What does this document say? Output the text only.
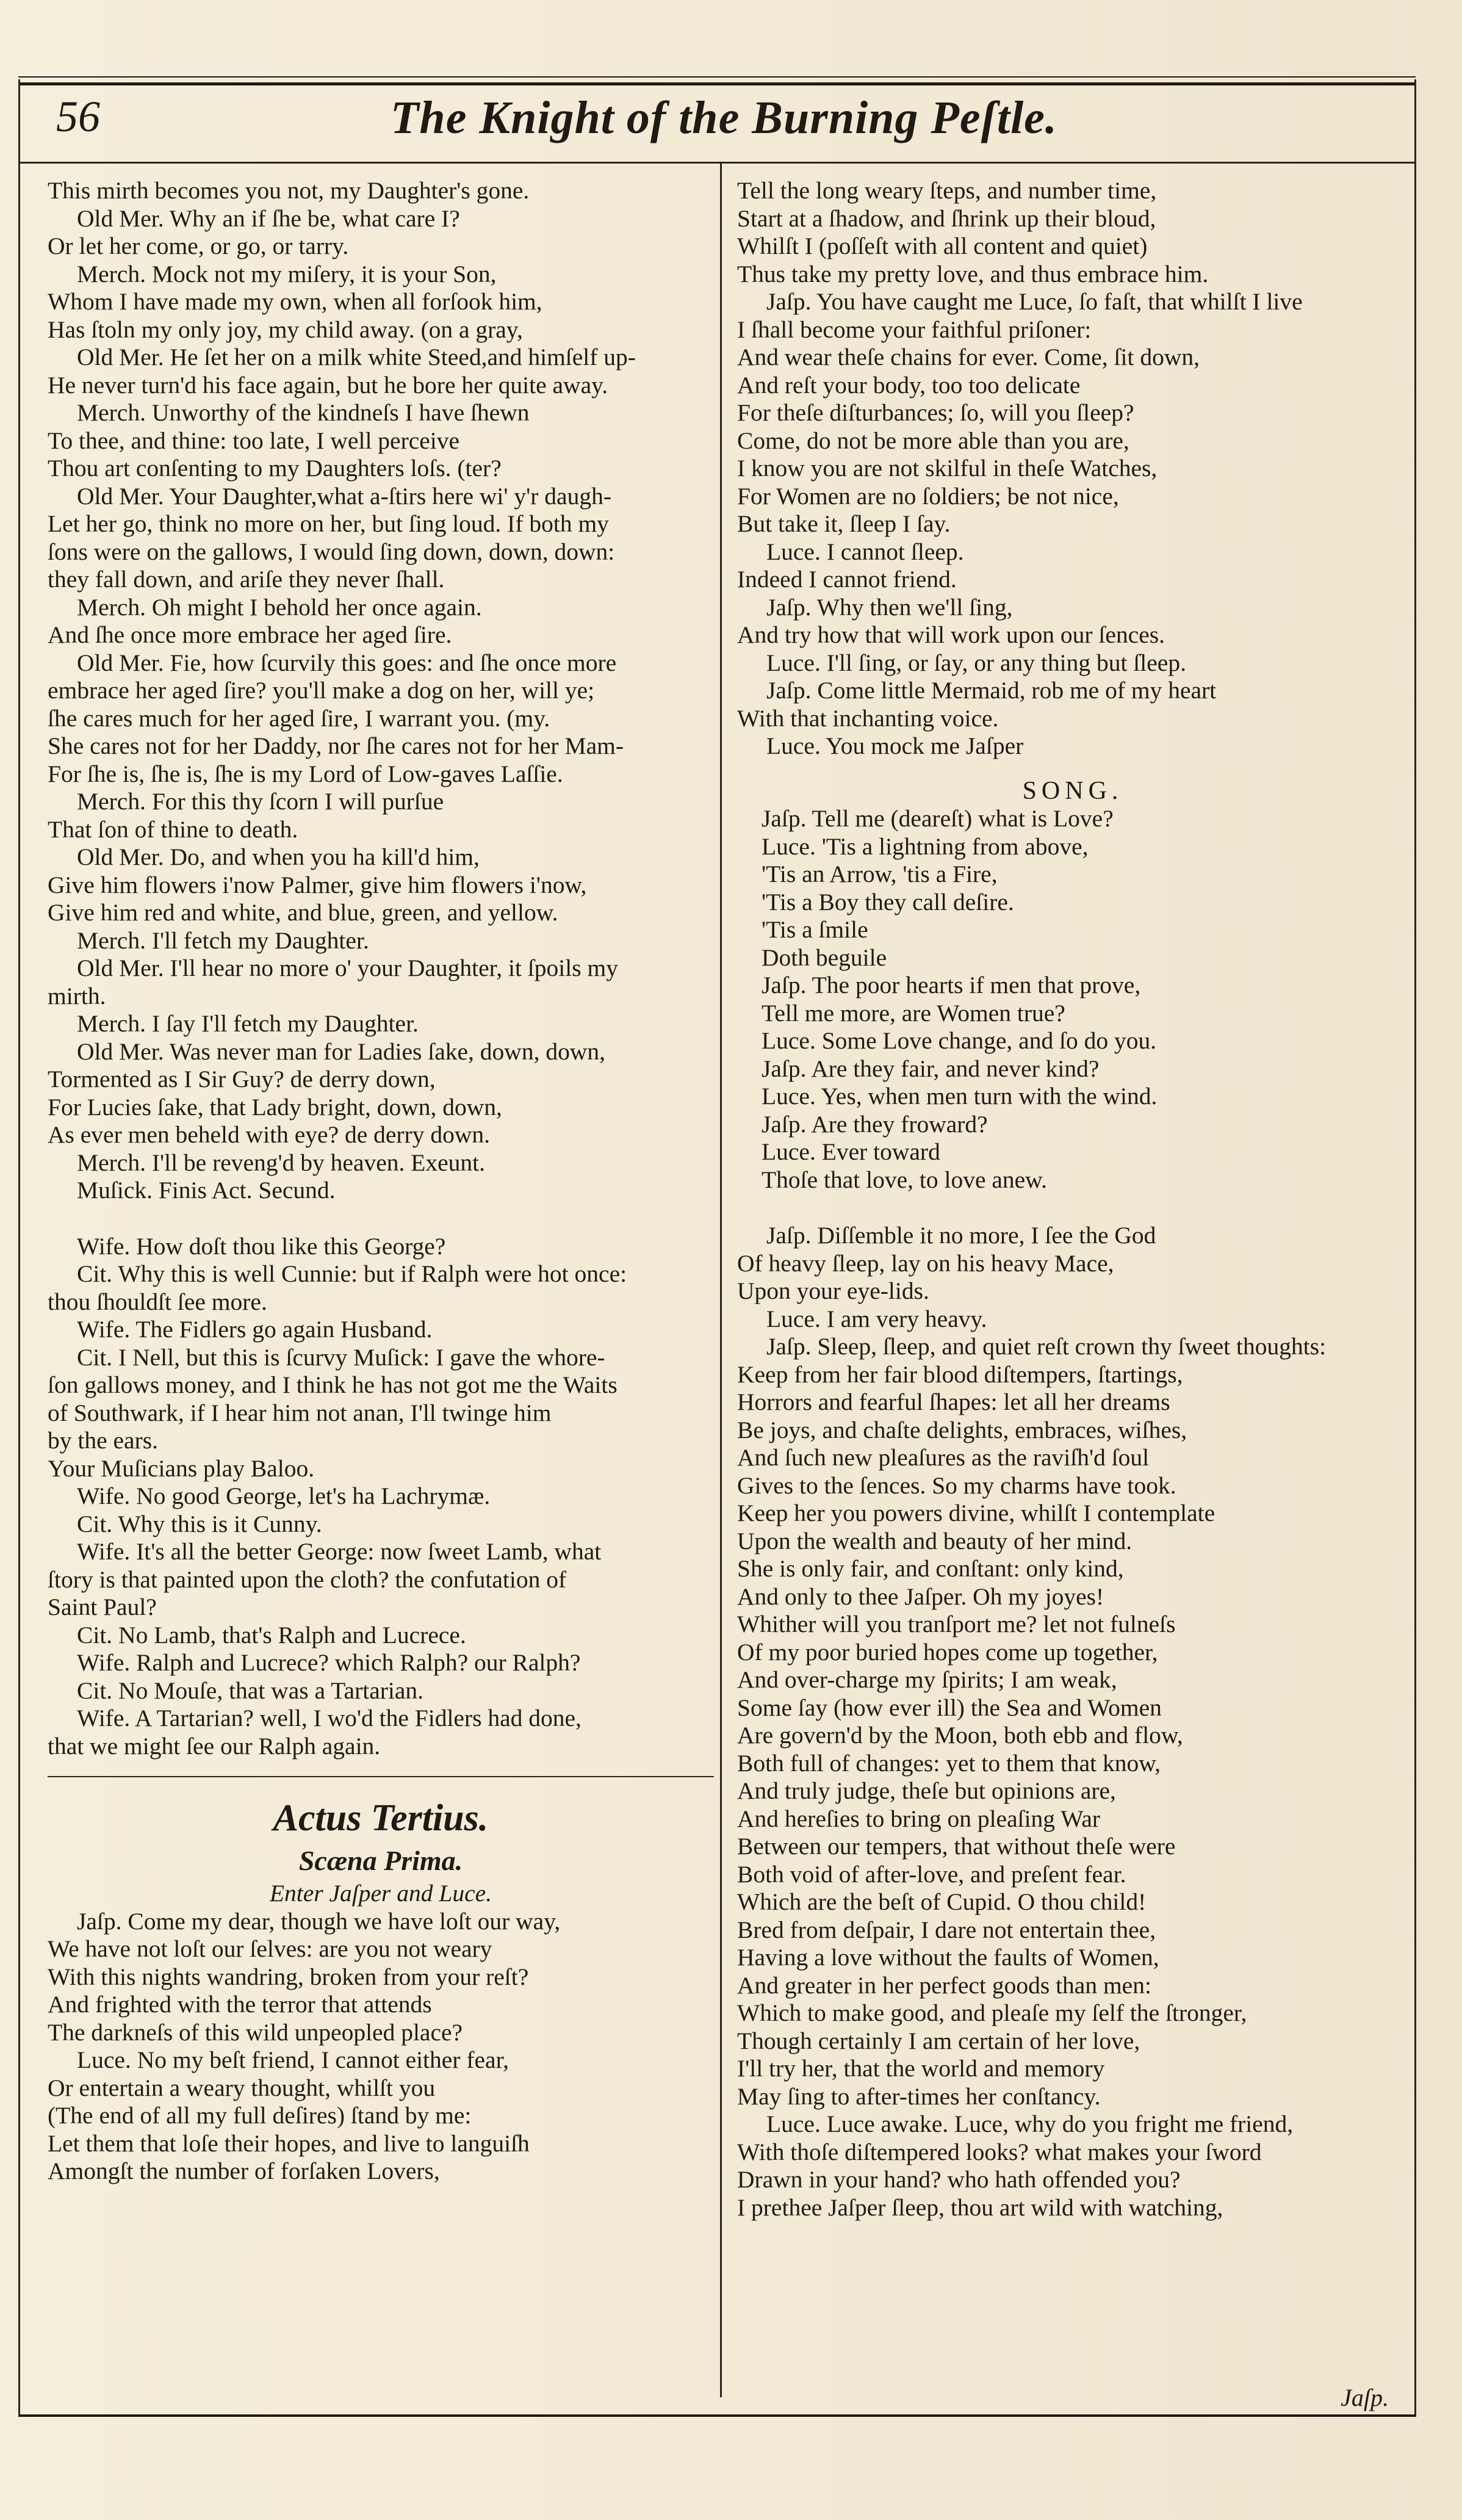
56	The Knight of the Burning Peſtle.
This mirth becomes you not, my Daughter's gone.
Old Mer. Why an if ſhe be, what care I?
Or let her come, or go, or tarry.
Merch. Mock not my miſery, it is your Son,
Whom I have made my own, when all forſook him,
Has ſtoln my only joy, my child away. (on a gray,
Old Mer. He ſet her on a milk white Steed,and himſelf up-
He never turn'd his face again, but he bore her quite away.
Merch. Unworthy of the kindneſs I have ſhewn
To thee, and thine: too late, I well perceive
Thou art conſenting to my Daughters loſs. (ter?
Old Mer. Your Daughter,what a-ſtirs here wi' y'r daugh-
Let her go, think no more on her, but ſing loud. If both my
ſons were on the gallows, I would ſing down, down, down:
they fall down, and ariſe they never ſhall.
Merch. Oh might I behold her once again.
And ſhe once more embrace her aged ſire.
Old Mer. Fie, how ſcurvily this goes: and ſhe once more
embrace her aged ſire? you'll make a dog on her, will ye;
ſhe cares much for her aged ſire, I warrant you. (my.
She cares not for her Daddy, nor ſhe cares not for her Mam-
For ſhe is, ſhe is, ſhe is my Lord of Low-gaves Laſſie.
Merch. For this thy ſcorn I will purſue
That ſon of thine to death.
Old Mer. Do, and when you ha kill'd him,
Give him flowers i'now Palmer, give him flowers i'now,
Give him red and white, and blue, green, and yellow.
Merch. I'll fetch my Daughter.
Old Mer. I'll hear no more o' your Daughter, it ſpoils my
mirth.
Merch. I ſay I'll fetch my Daughter.
Old Mer. Was never man for Ladies ſake, down, down,
Tormented as I Sir Guy? de derry down,
For Lucies ſake, that Lady bright, down, down,
As ever men beheld with eye? de derry down.
Merch. I'll be reveng'd by heaven. Exeunt.
Muſick. Finis Act. Secund.
Wife. How doſt thou like this George?
Cit. Why this is well Cunnie: but if Ralph were hot once:
thou ſhouldſt ſee more.
Wife. The Fidlers go again Husband.
Cit. I Nell, but this is ſcurvy Muſick: I gave the whore-
ſon gallows money, and I think he has not got me the Waits
of Southwark, if I hear him not anan, I'll twinge him
by the ears.
Your Muſicians play Baloo.
Wife. No good George, let's ha Lachrymæ.
Cit. Why this is it Cunny.
Wife. It's all the better George: now ſweet Lamb, what
ſtory is that painted upon the cloth? the confutation of
Saint Paul?
Cit. No Lamb, that's Ralph and Lucrece.
Wife. Ralph and Lucrece? which Ralph? our Ralph?
Cit. No Mouſe, that was a Tartarian.
Wife. A Tartarian? well, I wo'd the Fidlers had done,
that we might ſee our Ralph again.
Actus Tertius.
Scæna Prima.
Enter Jaſper and Luce.
Jaſp. Come my dear, though we have loſt our way,
We have not loſt our ſelves: are you not weary
With this nights wandring, broken from your reſt?
And frighted with the terror that attends
The darkneſs of this wild unpeopled place?
Luce. No my beſt friend, I cannot either fear,
Or entertain a weary thought, whilſt you
(The end of all my full deſires) ſtand by me:
Let them that loſe their hopes, and live to languiſh
Amongſt the number of forſaken Lovers,
Tell the long weary ſteps, and number time,
Start at a ſhadow, and ſhrink up their bloud,
Whilſt I (poſſeſt with all content and quiet)
Thus take my pretty love, and thus embrace him.
Jaſp. You have caught me Luce, ſo faſt, that whilſt I live
I ſhall become your faithful priſoner:
And wear theſe chains for ever. Come, ſit down,
And reſt your body, too too delicate
For theſe diſturbances; ſo, will you ſleep?
Come, do not be more able than you are,
I know you are not skilful in theſe Watches,
For Women are no ſoldiers; be not nice,
But take it, ſleep I ſay.
Luce. I cannot ſleep.
Indeed I cannot friend.
Jaſp. Why then we'll ſing,
And try how that will work upon our ſences.
Luce. I'll ſing, or ſay, or any thing but ſleep.
Jaſp. Come little Mermaid, rob me of my heart
With that inchanting voice.
Luce. You mock me Jaſper
SONG.
Jaſp. Tell me (deareſt) what is Love?
Luce. 'Tis a lightning from above,
'Tis an Arrow, 'tis a Fire,
'Tis a Boy they call deſire.
'Tis a ſmile
Doth beguile
Jaſp. The poor hearts if men that prove,
Tell me more, are Women true?
Luce. Some Love change, and ſo do you.
Jaſp. Are they fair, and never kind?
Luce. Yes, when men turn with the wind.
Jaſp. Are they froward?
Luce. Ever toward
Thoſe that love, to love anew.
Jaſp. Diſſemble it no more, I ſee the God
Of heavy ſleep, lay on his heavy Mace,
Upon your eye-lids.
Luce. I am very heavy.
Jaſp. Sleep, ſleep, and quiet reſt crown thy ſweet thoughts:
Keep from her fair blood diſtempers, ſtartings,
Horrors and fearful ſhapes: let all her dreams
Be joys, and chaſte delights, embraces, wiſhes,
And ſuch new pleaſures as the raviſh'd ſoul
Gives to the ſences. So my charms have took.
Keep her you powers divine, whilſt I contemplate
Upon the wealth and beauty of her mind.
She is only fair, and conſtant: only kind,
And only to thee Jaſper. Oh my joyes!
Whither will you tranſport me? let not fulneſs
Of my poor buried hopes come up together,
And over-charge my ſpirits; I am weak,
Some ſay (how ever ill) the Sea and Women
Are govern'd by the Moon, both ebb and flow,
Both full of changes: yet to them that know,
And truly judge, theſe but opinions are,
And hereſies to bring on pleaſing War
Between our tempers, that without theſe were
Both void of after-love, and preſent fear.
Which are the beſt of Cupid. O thou child!
Bred from deſpair, I dare not entertain thee,
Having a love without the faults of Women,
And greater in her perfect goods than men:
Which to make good, and pleaſe my ſelf the ſtronger,
Though certainly I am certain of her love,
I'll try her, that the world and memory
May ſing to after-times her conſtancy.
Luce. Luce awake. Luce, why do you fright me friend,
With thoſe diſtempered looks? what makes your ſword
Drawn in your hand? who hath offended you?
I prethee Jaſper ſleep, thou art wild with watching,
Jaſp.
